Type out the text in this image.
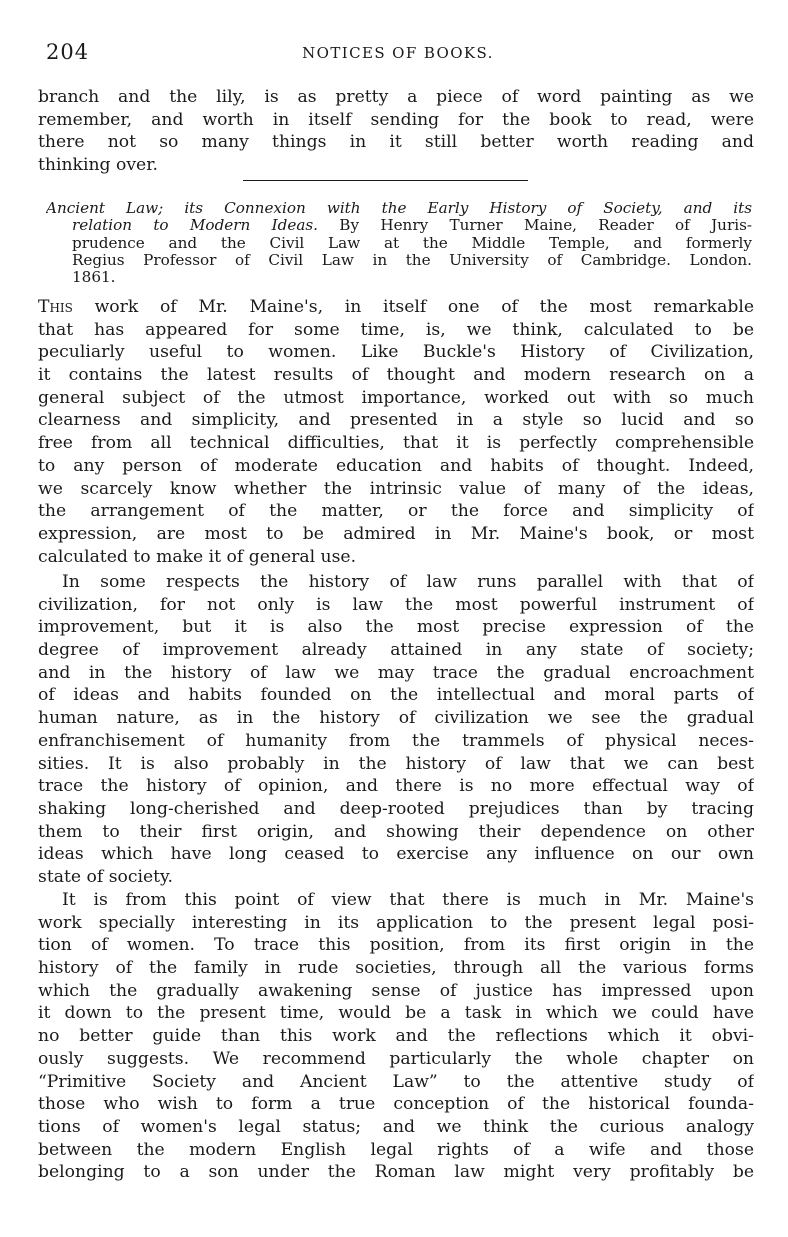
204	NOTICES OF BOOKS.
branch and the lily, is as pretty a piece of word painting as we
remember, and worth in itself sending for the book to read, were
there not so many things in it still better worth reading and
thinking over.
Ancient Law; its Connexion with the Early History of Society, and its
relation to Modern Ideas. By Henry Turner Maine, Reader of Juris-
prudence and the Civil Law at the Middle Temple, and formerly
Regius Professor of Civil Law in the University of Cambridge. London.
1861.
This work of Mr. Maine's, in itself one of the most remarkable
that has appeared for some time, is, we think, calculated to be
peculiarly useful to women. Like Buckle's History of Civilization,
it contains the latest results of thought and modern research on a
general subject of the utmost importance, worked out with so much
clearness and simplicity, and presented in a style so lucid and so
free from all technical difficulties, that it is perfectly comprehensible
to any person of moderate education and habits of thought. Indeed,
we scarcely know whether the intrinsic value of many of the ideas,
the arrangement of the matter, or the force and simplicity of
expression, are most to be admired in Mr. Maine's book, or most
calculated to make it of general use.
In some respects the history of law runs parallel with that of
civilization, for not only is law the most powerful instrument of
improvement, but it is also the most precise expression of the
degree of improvement already attained in any state of society;
and in the history of law we may trace the gradual encroachment
of ideas and habits founded on the intellectual and moral parts of
human nature, as in the history of civilization we see the gradual
enfranchisement of humanity from the trammels of physical neces-
sities. It is also probably in the history of law that we can best
trace the history of opinion, and there is no more effectual way of
shaking long-cherished and deep-rooted prejudices than by tracing
them to their first origin, and showing their dependence on other
ideas which have long ceased to exercise any influence on our own
state of society.
It is from this point of view that there is much in Mr. Maine's
work specially interesting in its application to the present legal posi-
tion of women. To trace this position, from its first origin in the
history of the family in rude societies, through all the various forms
which the gradually awakening sense of justice has impressed upon
it down to the present time, would be a task in which we could have
no better guide than this work and the reflections which it obvi-
ously suggests. We recommend particularly the whole chapter on
“Primitive Society and Ancient Law” to the attentive study of
those who wish to form a true conception of the historical founda-
tions of women's legal status; and we think the curious analogy
between the modern English legal rights of a wife and those
belonging to a son under the Roman law might very profitably be
